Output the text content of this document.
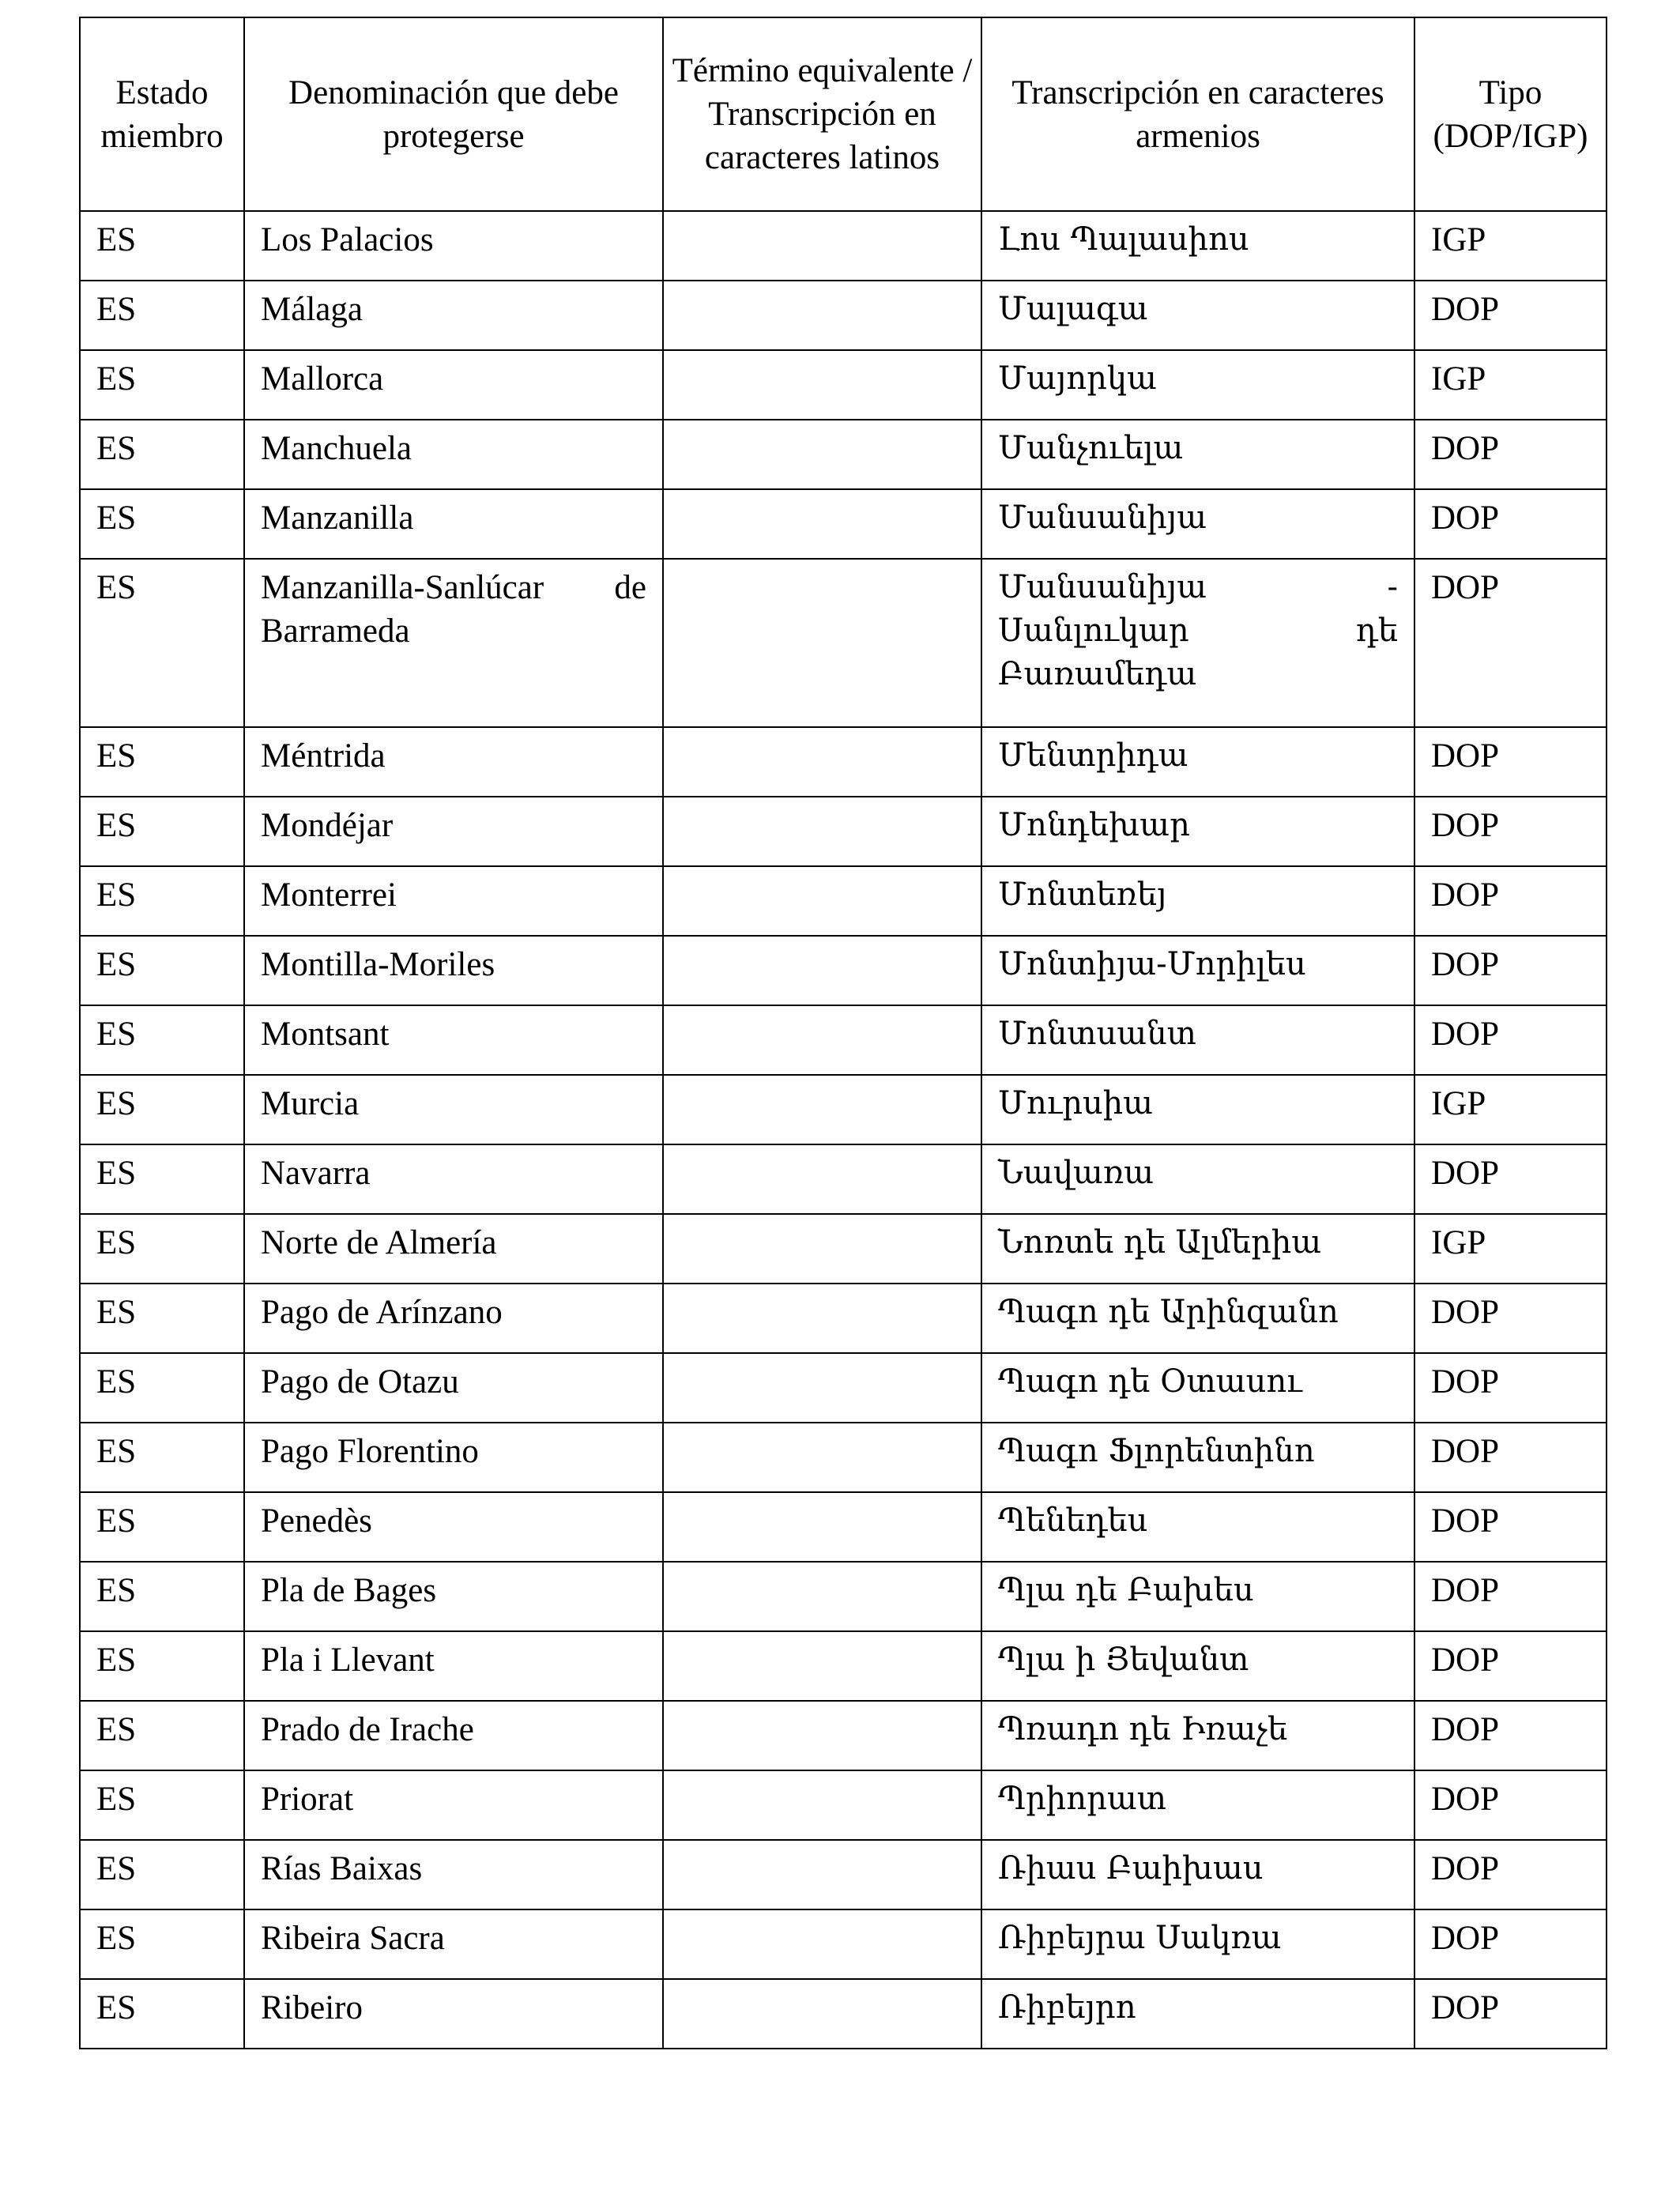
Estado miembro	Denominación que debe protegerse	Término equivalente / Transcripción en caracteres latinos	Transcripción en caracteres armenios	Tipo (DOP/IGP)
ES	Los Palacios		Լոս Պալասիոս	IGP
ES	Málaga		Մալագա	DOP
ES	Mallorca		Մայորկա	IGP
ES	Manchuela		Մանչուելա	DOP
ES	Manzanilla		Մանսանիյա	DOP
ES	Manzanilla-Sanlúcar de Barrameda		Մանսանիյա - Սանլուկար դե Բառամեդա	DOP
ES	Méntrida		Մենտրիդա	DOP
ES	Mondéjar		Մոնդեխար	DOP
ES	Monterrei		Մոնտեռեյ	DOP
ES	Montilla-Moriles		Մոնտիյա-Մորիլես	DOP
ES	Montsant		Մոնտսանտ	DOP
ES	Murcia		Մուրսիա	IGP
ES	Navarra		Նավառա	DOP
ES	Norte de Almería		Նոռտե դե Ալմերիա	IGP
ES	Pago de Arínzano		Պագո դե Արինզանո	DOP
ES	Pago de Otazu		Պագո դե Օտասու	DOP
ES	Pago Florentino		Պագո Ֆլորենտինո	DOP
ES	Penedès		Պենեդես	DOP
ES	Pla de Bages		Պլա դե Բախես	DOP
ES	Pla i Llevant		Պլա ի Յեվանտ	DOP
ES	Prado de Irache		Պռադո դե Իռաչե	DOP
ES	Priorat		Պրիորատ	DOP
ES	Rías Baixas		Ռիաս Բաիխաս	DOP
ES	Ribeira Sacra		Ռիբեյրա Սակռա	DOP
ES	Ribeiro		Ռիբեյրո	DOP
